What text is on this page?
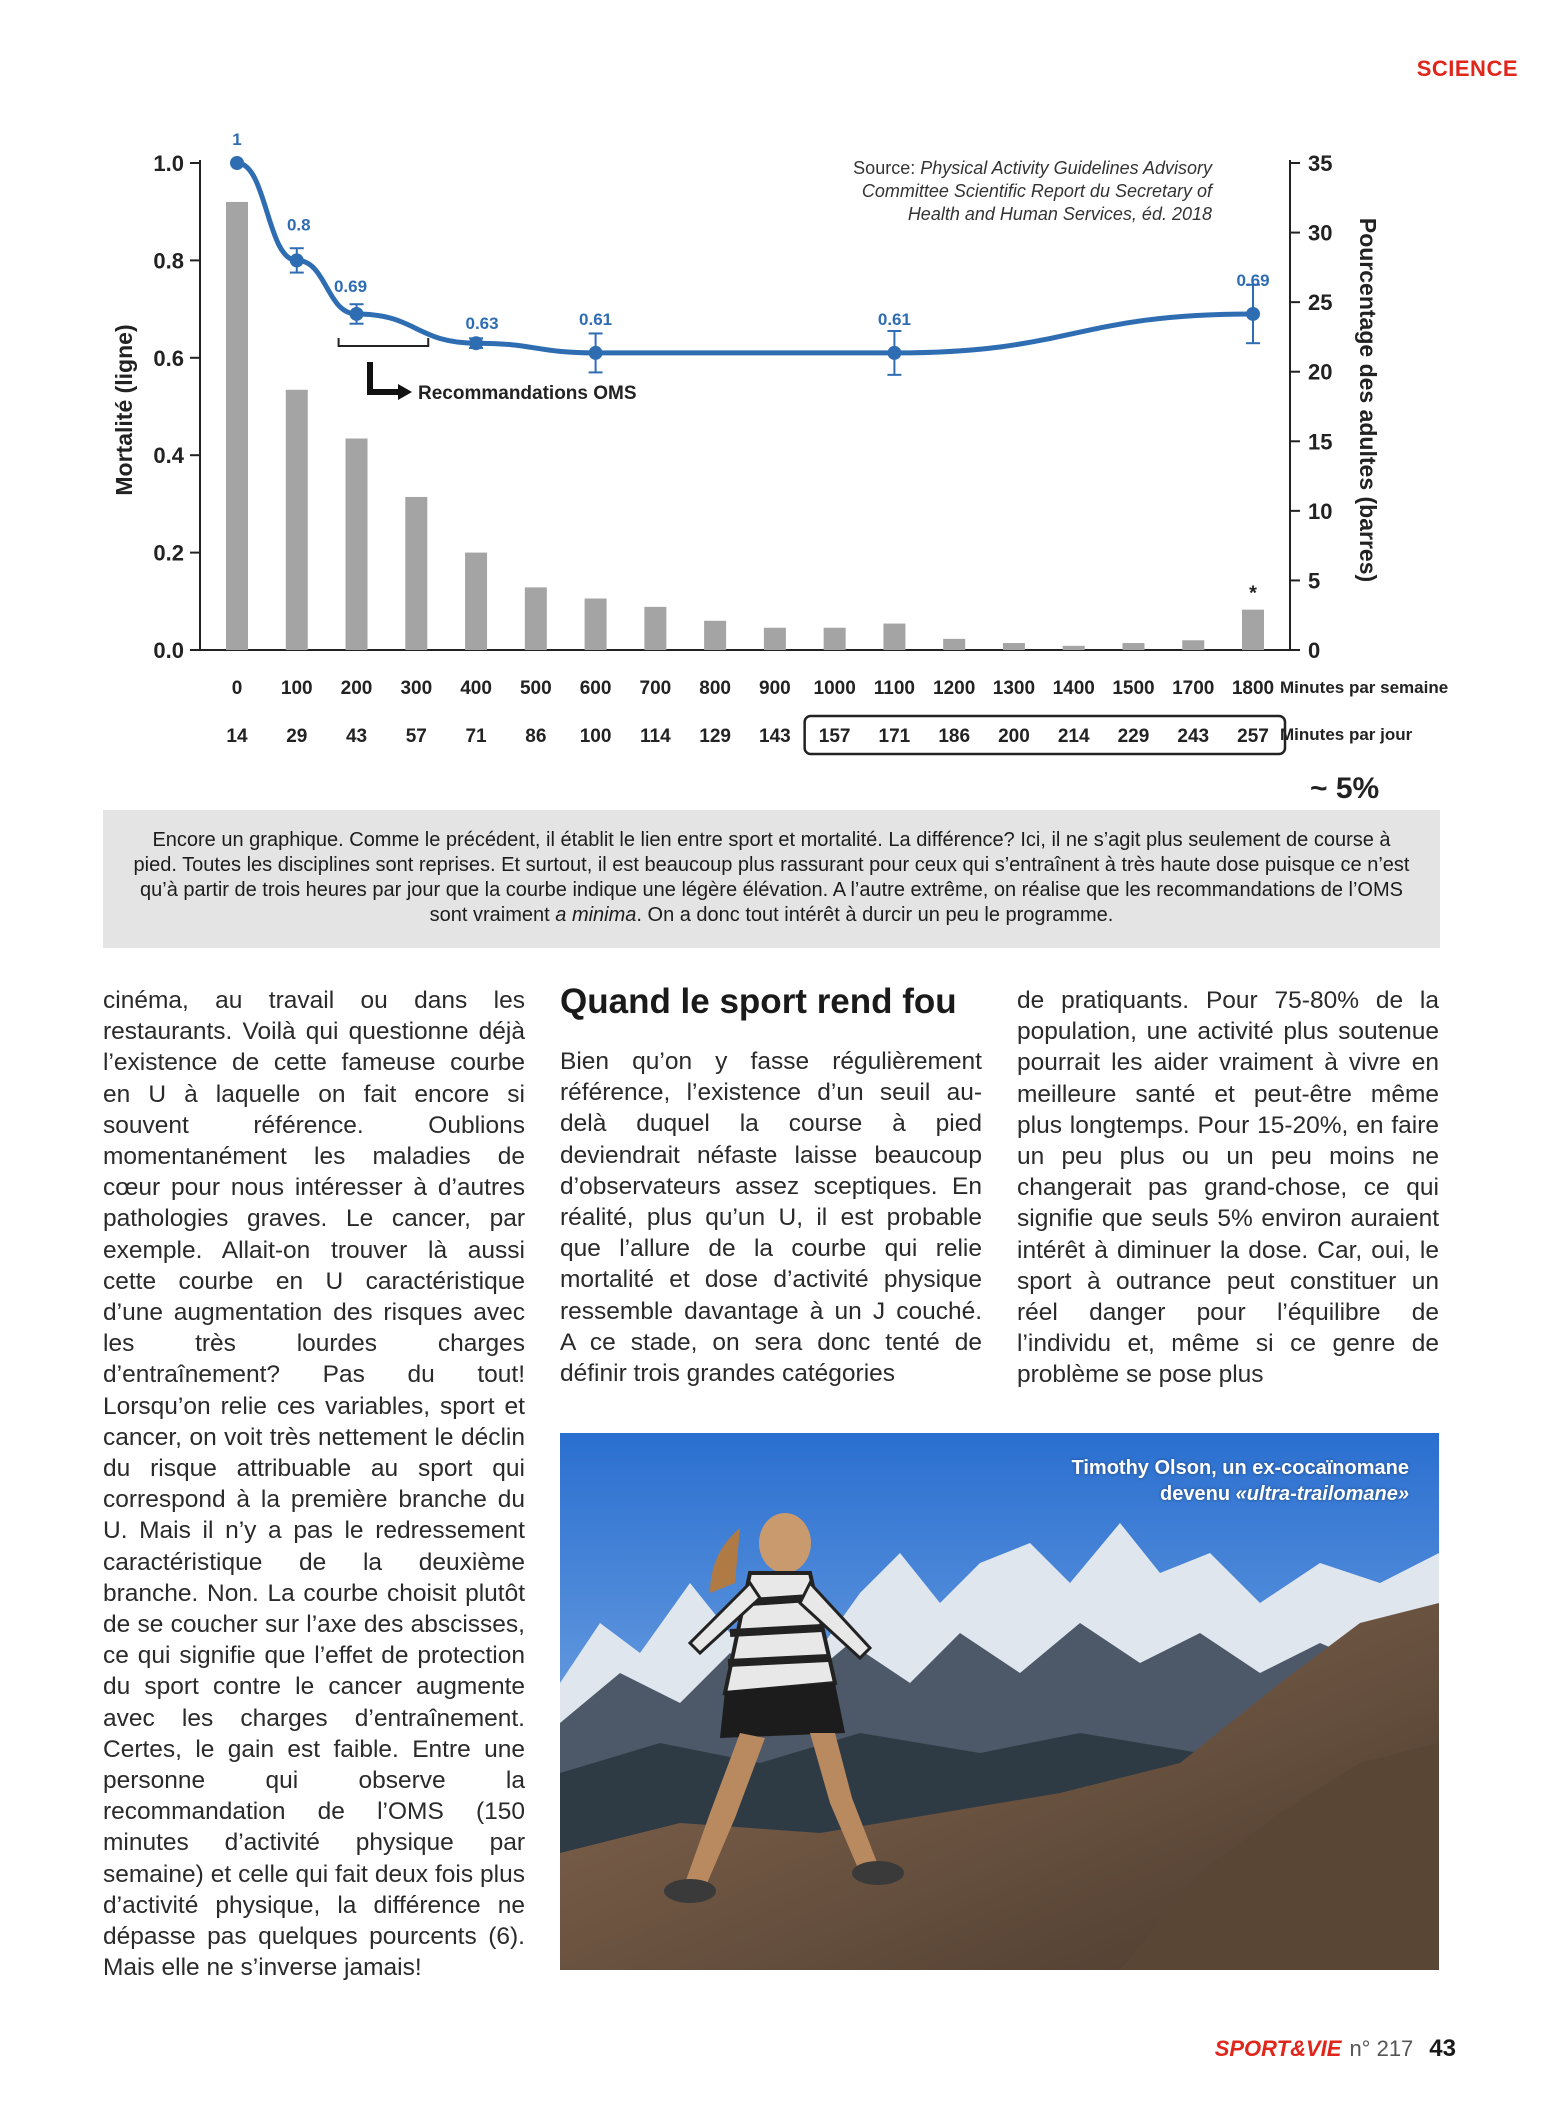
SCIENCE
0.0
0.2
0.4
0.6
0.8
1.0
0
5
10
15
20
25
30
35
Mortalité (ligne)	Pourcentage des adultes (barres)
*
1
0.8
0.69
0.63	0.61	0.61
0.69
0 100 200 300 400 500 600 700 800 900 1000 1100 1200 1300 1400 1500 1700 1800
14 29 43 57 71 86 100 114 129 143 157 171 186 200 214 229 243 257
Minutes par semaine
Minutes par jour
~ 5%
Recommandations OMS
Source: Physical Activity Guidelines Advisory
Committee Scientific Report du Secretary of
Health and Human Services, éd. 2018
Encore un graphique. Comme le précédent, il établit le lien entre sport et mortalité. La différence? Ici, il ne s’agit plus seulement de course à pied. Toutes les disciplines sont reprises. Et surtout, il est beaucoup plus rassurant pour ceux qui s’entraînent à très haute dose puisque ce n’est qu’à partir de trois heures par jour que la courbe indique une légère élévation. A l’autre extrême, on réalise que les recommandations de l’OMS sont vraiment a minima. On a donc tout intérêt à durcir un peu le programme.
cinéma, au travail ou dans les restaurants. Voilà qui questionne déjà l’existence de cette fameuse courbe en U à laquelle on fait encore si souvent référence. Oublions momentanément les maladies de cœur pour nous intéresser à d’autres pathologies graves. Le cancer, par exemple. Allait-on trouver là aussi cette courbe en U caractéristique d’une augmentation des risques avec les très lourdes charges d’entraînement? Pas du tout! Lorsqu’on relie ces variables, sport et cancer, on voit très nettement le déclin du risque attribuable au sport qui correspond à la première branche du U. Mais il n’y a pas le redressement caractéristique de la deuxième branche. Non. La courbe choisit plutôt de se coucher sur l’axe des abscisses, ce qui signifie que l’effet de protection du sport contre le cancer augmente avec les charges d’entraînement. Certes, le gain est faible. Entre une personne qui observe la recommandation de l’OMS (150 minutes d’activité physique par semaine) et celle qui fait deux fois plus d’activité physique, la différence ne dépasse pas quelques pourcents (6). Mais elle ne s’inverse jamais!
Quand le sport rend fou
Bien qu’on y fasse régulièrement référence, l’existence d’un seuil au-delà duquel la course à pied deviendrait néfaste laisse beaucoup d’observateurs assez sceptiques. En réalité, plus qu’un U, il est probable que l’allure de la courbe qui relie mortalité et dose d’activité physique ressemble davantage à un J couché. A ce stade, on sera donc tenté de définir trois grandes catégories
de pratiquants. Pour 75-80% de la population, une activité plus soutenue pourrait les aider vraiment à vivre en meilleure santé et peut-être même plus longtemps. Pour 15-20%, en faire un peu plus ou un peu moins ne changerait pas grand-chose, ce qui signifie que seuls 5% environ auraient intérêt à diminuer la dose. Car, oui, le sport à outrance peut constituer un réel danger pour l’équilibre de l’individu et, même si ce genre de problème se pose plus
Timothy Olson, un ex-cocaïnomane
devenu «ultra-trailomane»
SPORT&VIE n° 217 43
